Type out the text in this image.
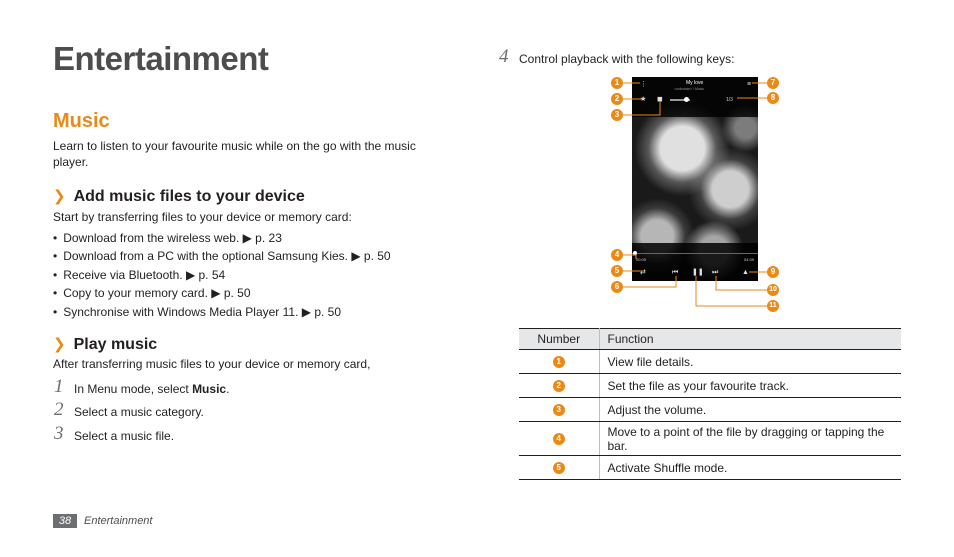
Entertainment
Music
Learn to listen to your favourite music while on the go with the music player.
❯ Add music files to your device
Start by transferring files to your device or memory card:
• Download from the wireless web. ▶ p. 23
• Download from a PC with the optional Samsung Kies. ▶ p. 50
• Receive via Bluetooth. ▶ p. 54
• Copy to your memory card. ▶ p. 50
• Synchronise with Windows Media Player 11. ▶ p. 50
❯ Play music
After transferring music files to your device or memory card,
1 In Menu mode, select Music.
2 Select a music category.
3 Select a music file.
4 Control playback with the following keys:
⋮	My love
<unknown> / Music
≡
★ ◼	1/3
00:05	04:39
⇄	⏮ ❚❚ ⏭	▲
1
2
3
4
5
6
7
8
9
10
11
Number	Function
1	View file details.
2	Set the file as your favourite track.
3	Adjust the volume.
4	Move to a point of the file by dragging or tapping the bar.
5	Activate Shuffle mode.
38	Entertainment
